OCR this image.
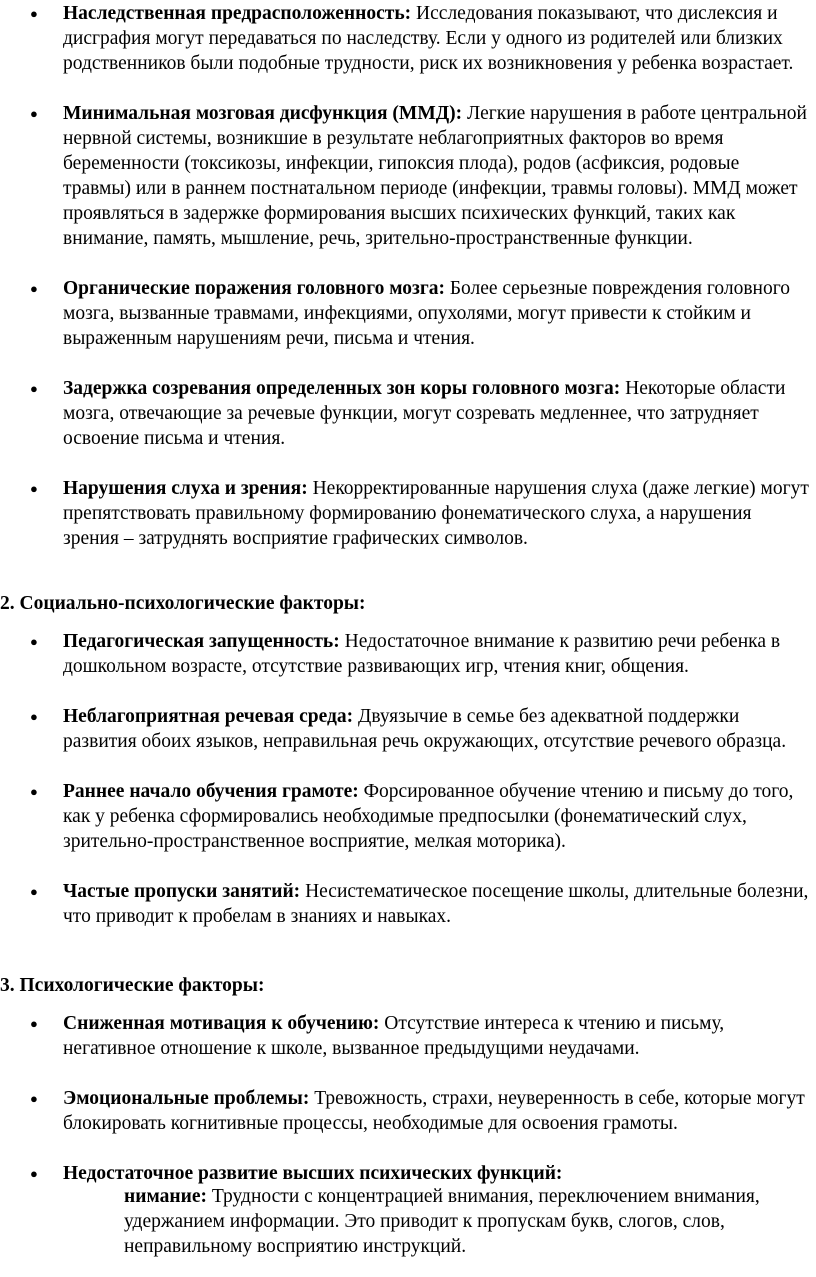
● Наследственная предрасположенность: Исследования показывают, что дислексия и дисграфия могут передаваться по наследству. Если у одного из родителей или близких родственников были подобные трудности, риск их возникновения у ребенка возрастает.
● Минимальная мозговая дисфункция (ММД): Легкие нарушения в работе центральной нервной системы, возникшие в результате неблагоприятных факторов во время беременности (токсикозы, инфекции, гипоксия плода), родов (асфиксия, родовые травмы) или в раннем постнатальном периоде (инфекции, травмы головы). ММД может проявляться в задержке формирования высших психических функций, таких как внимание, память, мышление, речь, зрительно-пространственные функции.
● Органические поражения головного мозга: Более серьезные повреждения головного мозга, вызванные травмами, инфекциями, опухолями, могут привести к стойким и выраженным нарушениям речи, письма и чтения.
● Задержка созревания определенных зон коры головного мозга: Некоторые области мозга, отвечающие за речевые функции, могут созревать медленнее, что затрудняет освоение письма и чтения.
● Нарушения слуха и зрения: Некорректированные нарушения слуха (даже легкие) могут препятствовать правильному формированию фонематического слуха, а нарушения зрения – затруднять восприятие графических символов.

2. Социально-психологические факторы:

● Педагогическая запущенность: Недостаточное внимание к развитию речи ребенка в дошкольном возрасте, отсутствие развивающих игр, чтения книг, общения.
● Неблагоприятная речевая среда: Двуязычие в семье без адекватной поддержки развития обоих языков, неправильная речь окружающих, отсутствие речевого образца.
● Раннее начало обучения грамоте: Форсированное обучение чтению и письму до того, как у ребенка сформировались необходимые предпосылки (фонематический слух, зрительно-пространственное восприятие, мелкая моторика).
● Частые пропуски занятий: Несистематическое посещение школы, длительные болезни, что приводит к пробелам в знаниях и навыках.

3. Психологические факторы:

● Сниженная мотивация к обучению: Отсутствие интереса к чтению и письму, негативное отношение к школе, вызванное предыдущими неудачами.
● Эмоциональные проблемы: Тревожность, страхи, неуверенность в себе, которые могут блокировать когнитивные процессы, необходимые для освоения грамоты.
● Недостаточное развитие высших психических функций:

нимание: Трудности с концентрацией внимания, переключением внимания, удержанием информации. Это приводит к пропускам букв, слогов, слов, неправильному восприятию инструкций.
